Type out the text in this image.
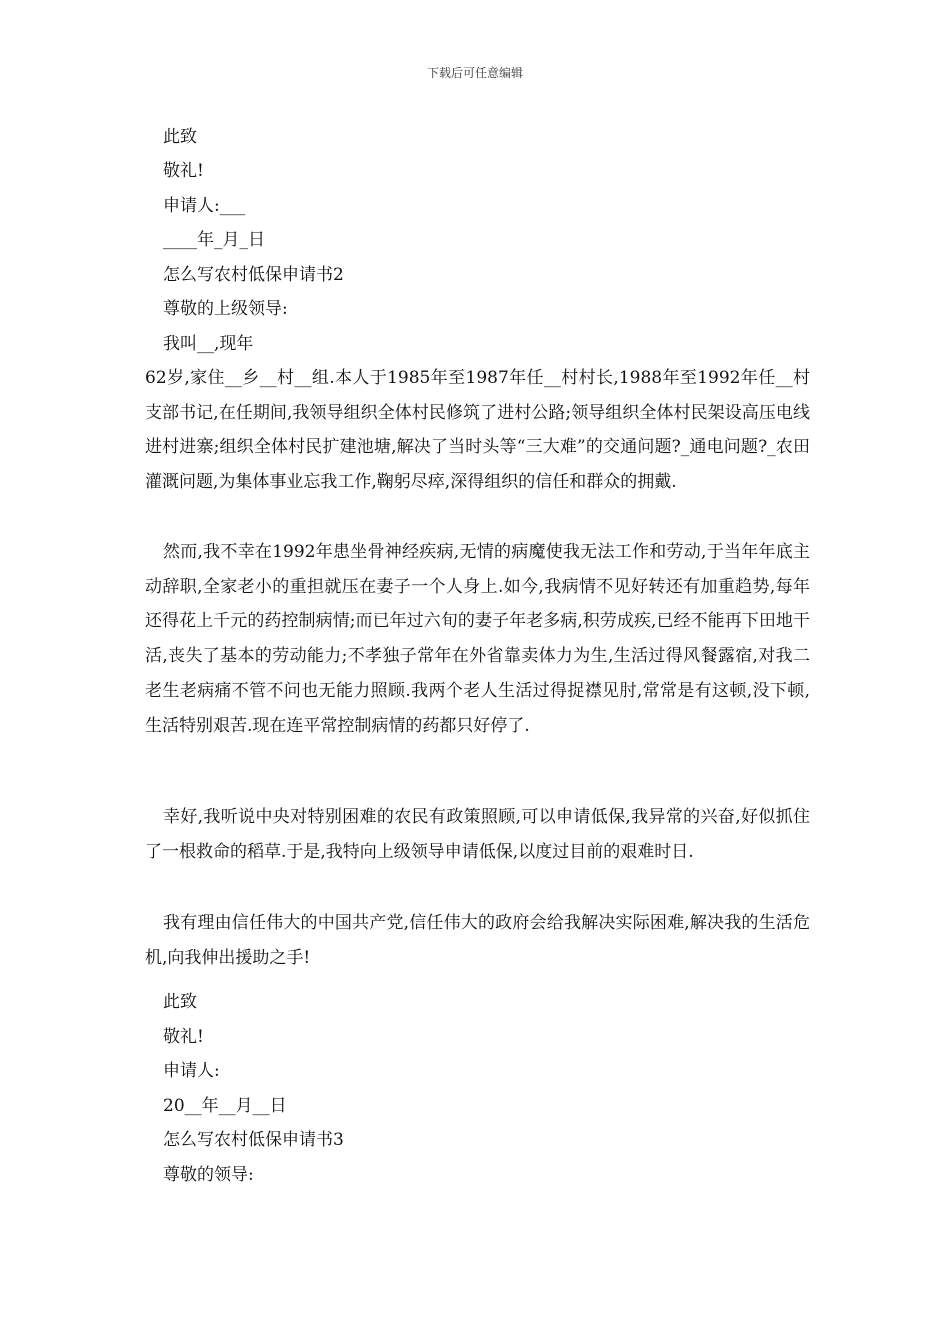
下载后可任意编辑
此致
敬礼!
申请人:___
____年_月_日
怎么写农村低保申请书2
尊敬的上级领导:
我叫__,现年
62岁,家住__乡__村__组.本人于1985年至1987年任__村村长,1988年至1992年任__村支部书记,在任期间,我领导组织全体村民修筑了进村公路;领导组织全体村民架设高压电线进村进寨;组织全体村民扩建池塘,解决了当时头等“三大难”的交通问题?_通电问题?_农田灌溉问题,为集体事业忘我工作,鞠躬尽瘁,深得组织的信任和群众的拥戴.
然而,我不幸在1992年患坐骨神经疾病,无情的病魔使我无法工作和劳动,于当年年底主动辞职,全家老小的重担就压在妻子一个人身上.如今,我病情不见好转还有加重趋势,每年还得花上千元的药控制病情;而已年过六旬的妻子年老多病,积劳成疾,已经不能再下田地干活,丧失了基本的劳动能力;不孝独子常年在外省靠卖体力为生,生活过得风餐露宿,对我二老生老病痛不管不问也无能力照顾.我两个老人生活过得捉襟见肘,常常是有这顿,没下顿,生活特别艰苦.现在连平常控制病情的药都只好停了.
幸好,我听说中央对特别困难的农民有政策照顾,可以申请低保,我异常的兴奋,好似抓住了一根救命的稻草.于是,我特向上级领导申请低保,以度过目前的艰难时日.
我有理由信任伟大的中国共产党,信任伟大的政府会给我解决实际困难,解决我的生活危机,向我伸出援助之手!
此致
敬礼!
申请人:
20__年__月__日
怎么写农村低保申请书3
尊敬的领导:
